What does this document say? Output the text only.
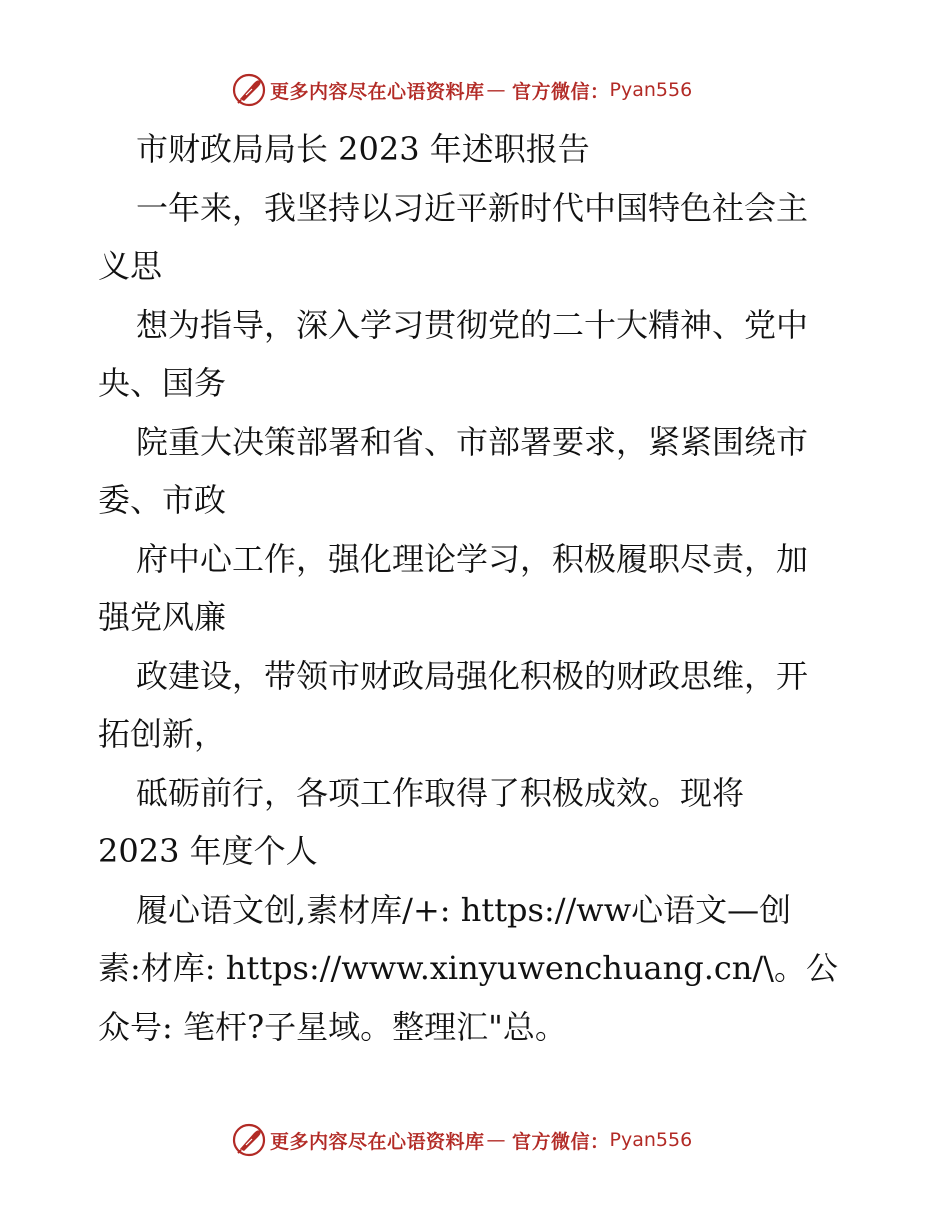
更多内容尽在心语资料库 — 官方微信： Pyan556
市财政局局长 2023 年述职报告
一年来，我坚持以习近平新时代中国特色社会主
义思
想为指导，深入学习贯彻党的二十大精神、党中
央、国务
院重大决策部署和省、市部署要求，紧紧围绕市
委、市政
府中心工作，强化理论学习，积极履职尽责，加
强党风廉
政建设，带领市财政局强化积极的财政思维，开
拓创新，
砥砺前行，各项工作取得了积极成效。现将
2023 年度个人
履心语文创,素材库/+: https://ww心语文—创
素:材库: https://www.xinyuwenchuang.cn/\。公
众号: 笔杆?子星域。整理汇"总。
更多内容尽在心语资料库 — 官方微信： Pyan556
